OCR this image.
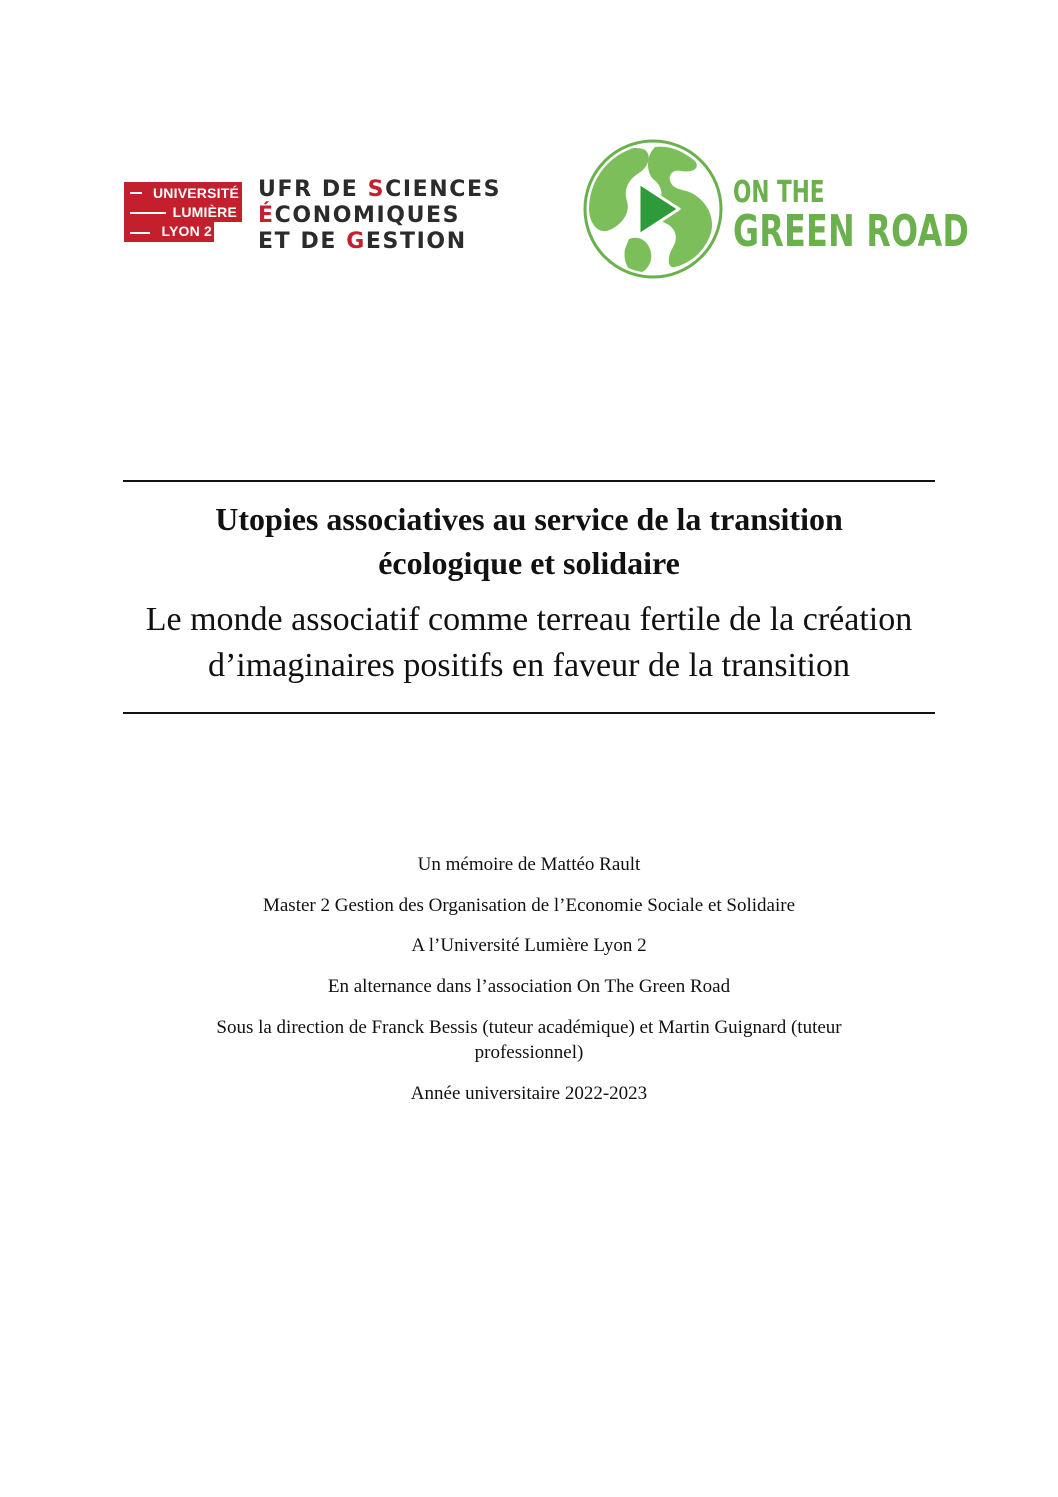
UNIVERSITÉ
LUMIÈRE
LYON 2
UFR DE SCIENCES
ÉCONOMIQUES
ET DE GESTION
ON THE
GREEN ROAD
Utopies associatives au service de la transition
écologique et solidaire
Le monde associatif comme terreau fertile de la création
d’imaginaires positifs en faveur de la transition

Un mémoire de Mattéo Rault

Master 2 Gestion des Organisation de l’Economie Sociale et Solidaire

A l’Université Lumière Lyon 2

En alternance dans l’association On The Green Road

Sous la direction de Franck Bessis (tuteur académique) et Martin Guignard (tuteur
professionnel)

Année universitaire 2022-2023
